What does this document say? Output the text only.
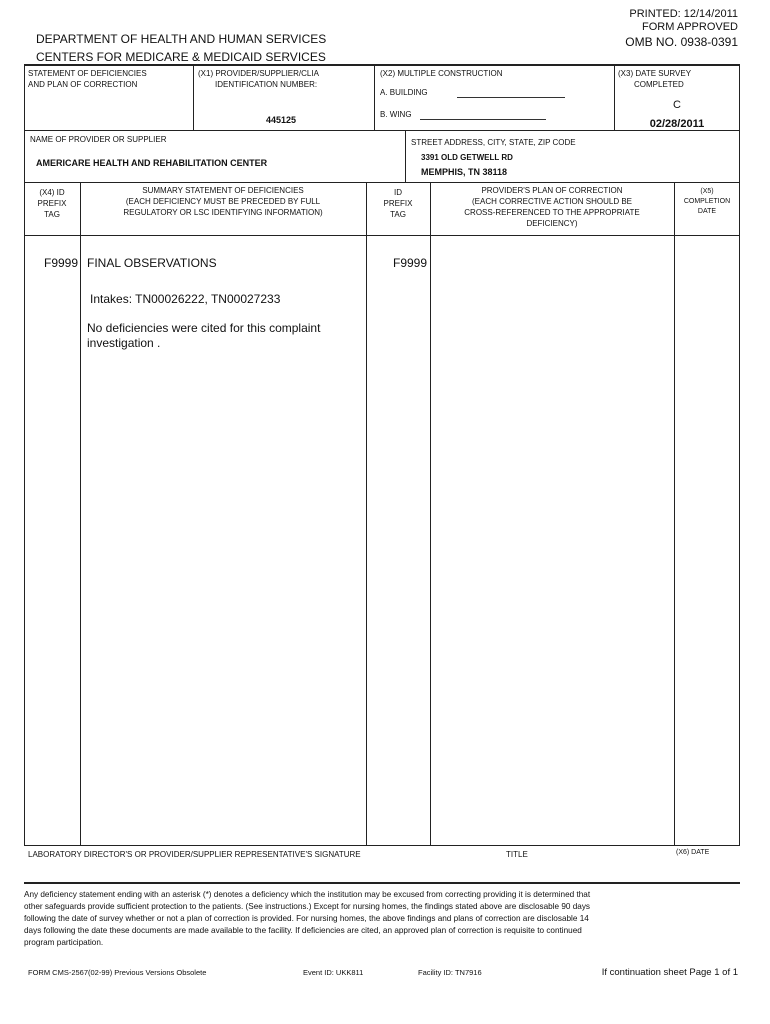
PRINTED: 12/14/2011
FORM APPROVED
OMB NO. 0938-0391
DEPARTMENT OF HEALTH AND HUMAN SERVICES
CENTERS FOR MEDICARE & MEDICAID SERVICES
STATEMENT OF DEFICIENCIES
AND PLAN OF CORRECTION
(X1) PROVIDER/SUPPLIER/CLIA
IDENTIFICATION NUMBER:
445125
(X2) MULTIPLE CONSTRUCTION
A. BUILDING
B. WING
(X3) DATE SURVEY
COMPLETED
C
02/28/2011
NAME OF PROVIDER OR SUPPLIER
AMERICARE HEALTH AND REHABILITATION CENTER
STREET ADDRESS, CITY, STATE, ZIP CODE
3391 OLD GETWELL RD
MEMPHIS, TN 38118
(X4) ID
PREFIX
TAG
SUMMARY STATEMENT OF DEFICIENCIES
(EACH DEFICIENCY MUST BE PRECEDED BY FULL
REGULATORY OR LSC IDENTIFYING INFORMATION)
ID
PREFIX
TAG
PROVIDER'S PLAN OF CORRECTION
(EACH CORRECTIVE ACTION SHOULD BE
CROSS-REFERENCED TO THE APPROPRIATE
DEFICIENCY)
(X5)
COMPLETION
DATE
F9999 FINAL OBSERVATIONS	F9999
Intakes: TN00026222, TN00027233
No deficiencies were cited for this complaint
investigation .
LABORATORY DIRECTOR'S OR PROVIDER/SUPPLIER REPRESENTATIVE'S SIGNATURE	TITLE	(X6) DATE
Any deficiency statement ending with an asterisk (*) denotes a deficiency which the institution may be excused from correcting providing it is determined that
other safeguards provide sufficient protection to the patients. (See instructions.) Except for nursing homes, the findings stated above are disclosable 90 days
following the date of survey whether or not a plan of correction is provided. For nursing homes, the above findings and plans of correction are disclosable 14
days following the date these documents are made available to the facility. If deficiencies are cited, an approved plan of correction is requisite to continued
program participation.
FORM CMS-2567(02-99) Previous Versions Obsolete	Event ID: UKK811	Facility ID: TN7916	If continuation sheet Page 1 of 1
